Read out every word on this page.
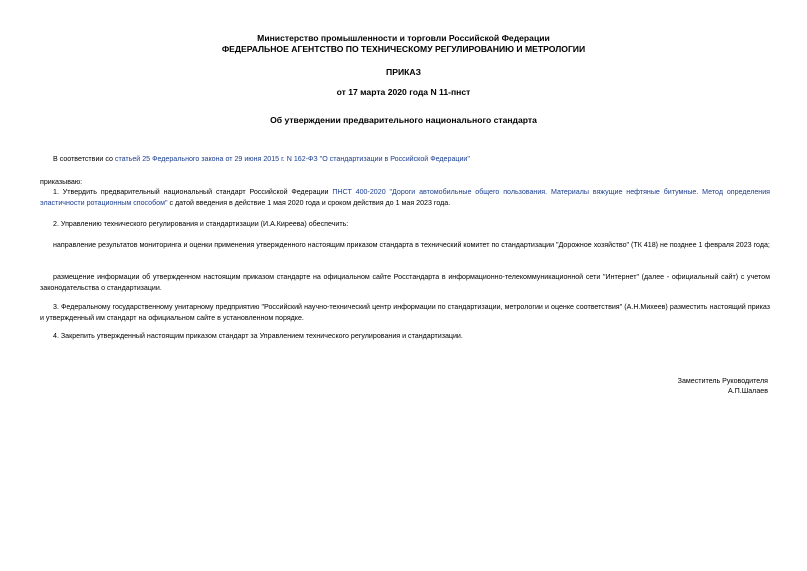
Министерство промышленности и торговли Российской Федерации
ФЕДЕРАЛЬНОЕ АГЕНТСТВО ПО ТЕХНИЧЕСКОМУ РЕГУЛИРОВАНИЮ И МЕТРОЛОГИИ
ПРИКАЗ
от 17 марта 2020 года N 11-пнст
Об утверждении предварительного национального стандарта
В соответствии со статьей 25 Федерального закона от 29 июня 2015 г. N 162-ФЗ "О стандартизации в Российской Федерации"
приказываю:
1. Утвердить предварительный национальный стандарт Российской Федерации ПНСТ 400-2020 "Дороги автомобильные общего пользования. Материалы вяжущие нефтяные битумные. Метод определения эластичности ротационным способом" с датой введения в действие 1 мая 2020 года и сроком действия до 1 мая 2023 года.
2. Управлению технического регулирования и стандартизации (И.А.Киреева) обеспечить:
направление результатов мониторинга и оценки применения утвержденного настоящим приказом стандарта в технический комитет по стандартизации "Дорожное хозяйство" (ТК 418) не позднее 1 февраля 2023 года;
размещение информации об утвержденном настоящим приказом стандарте на официальном сайте Росстандарта в информационно-телекоммуникационной сети "Интернет" (далее - официальный сайт) с учетом законодательства о стандартизации.
3. Федеральному государственному унитарному предприятию "Российский научно-технический центр информации по стандартизации, метрологии и оценке соответствия" (А.Н.Михеев) разместить настоящий приказ и утвержденный им стандарт на официальном сайте в установленном порядке.
4. Закрепить утвержденный настоящим приказом стандарт за Управлением технического регулирования и стандартизации.
Заместитель Руководителя
А.П.Шалаев
